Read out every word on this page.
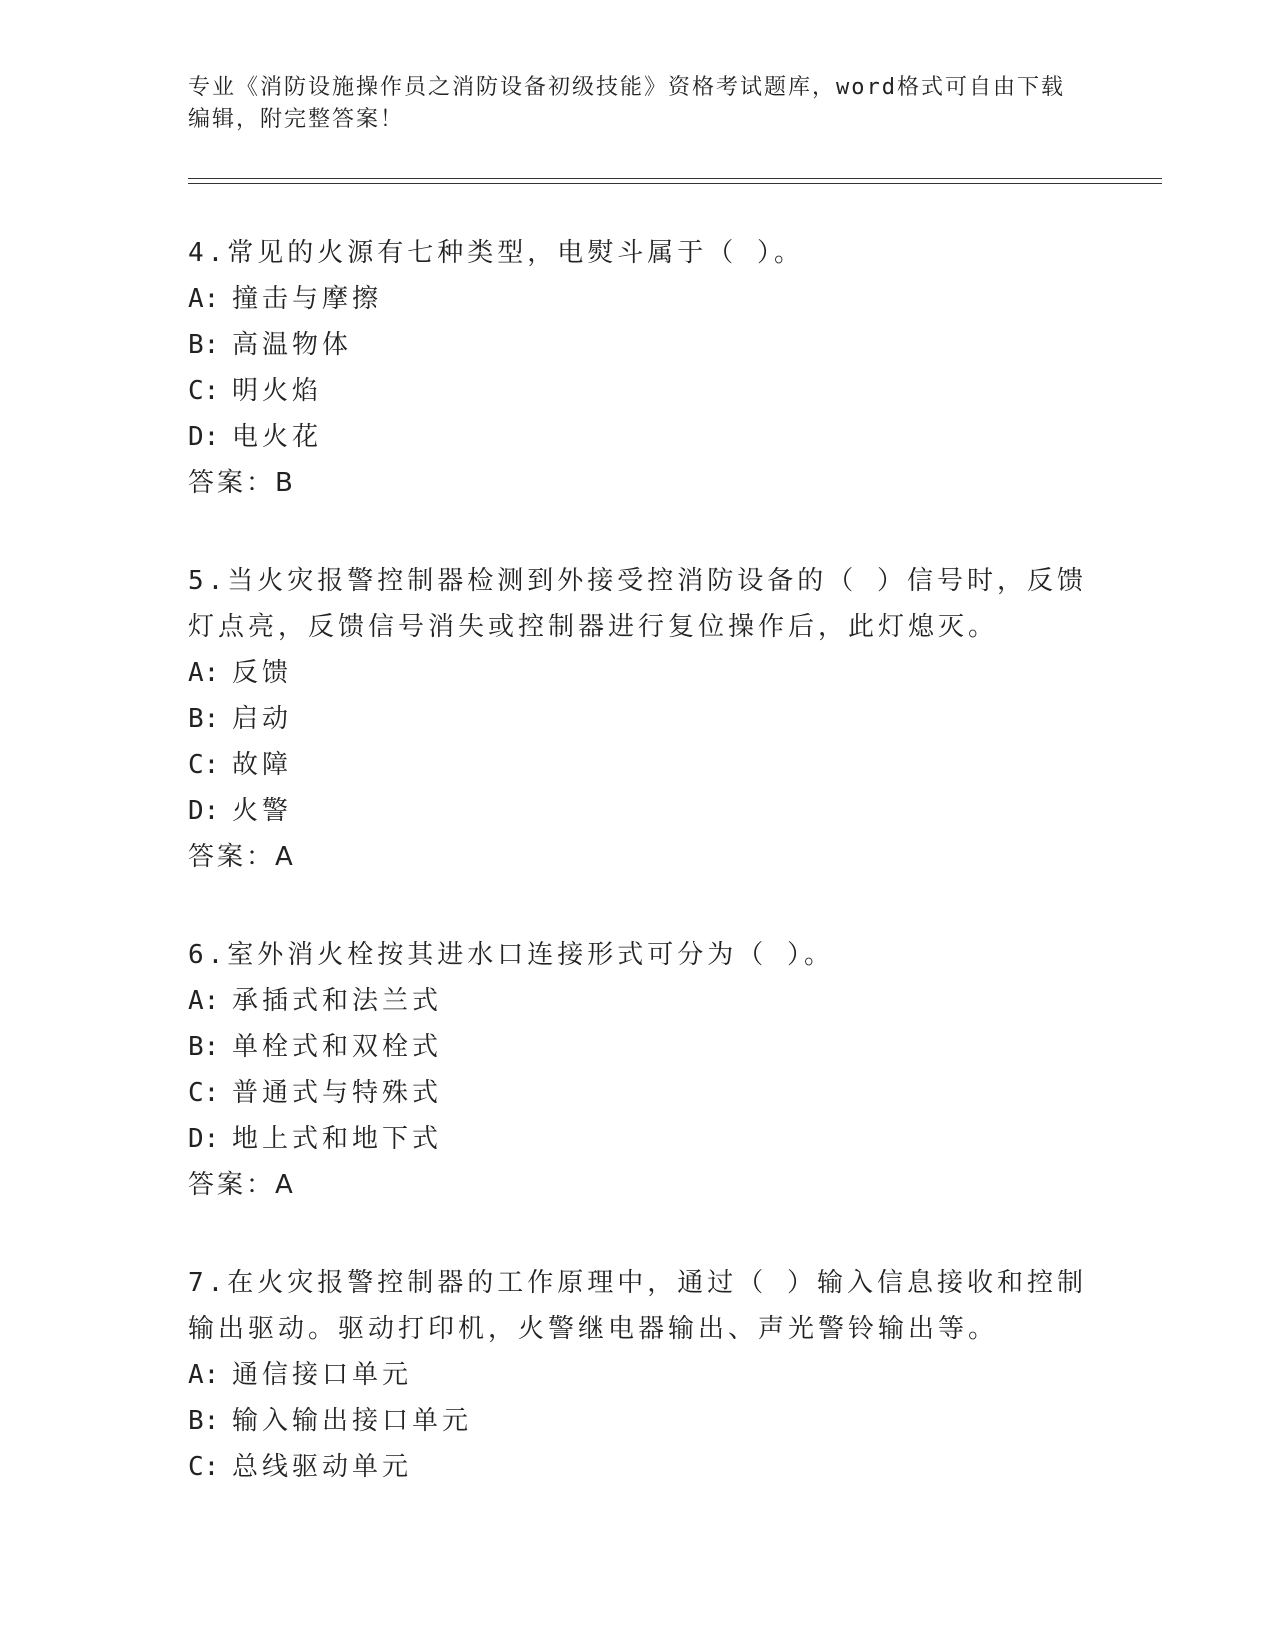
专业《消防设施操作员之消防设备初级技能》资格考试题库，word格式可自由下载编辑，附完整答案！

4.常见的火源有七种类型，电熨斗属于（ ）。

A: 撞击与摩擦

B: 高温物体

C: 明火焰

D: 电火花

答案：B

5.当火灾报警控制器检测到外接受控消防设备的（ ）信号时，反馈灯点亮，反馈信号消失或控制器进行复位操作后，此灯熄灭。

A: 反馈

B: 启动

C: 故障

D: 火警

答案：A

6.室外消火栓按其进水口连接形式可分为（ ）。

A: 承插式和法兰式

B: 单栓式和双栓式

C: 普通式与特殊式

D: 地上式和地下式

答案：A

7.在火灾报警控制器的工作原理中，通过（ ）输入信息接收和控制输出驱动。驱动打印机，火警继电器输出、声光警铃输出等。

A: 通信接口单元

B: 输入输出接口单元

C: 总线驱动单元
